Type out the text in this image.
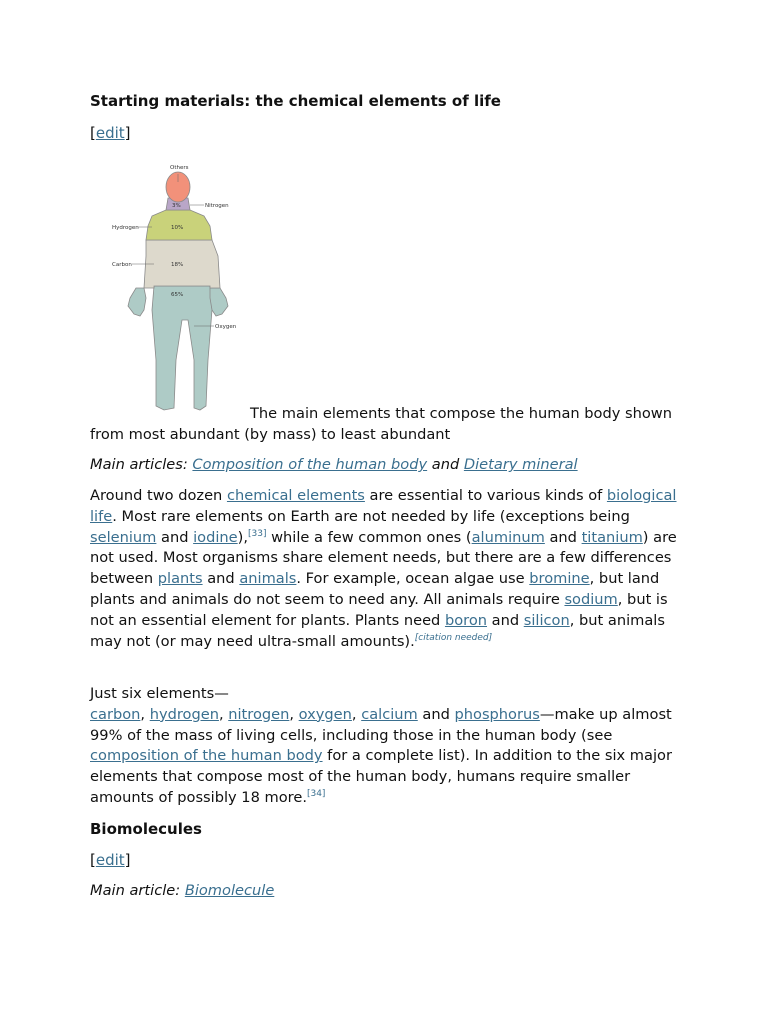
Starting materials: the chemical elements of life
[edit]
Others
Nitrogen
3%
Hydrogen	10%
Carbon	18%
65%
Oxygen
The main elements that compose the human body shown from most abundant (by mass) to least abundant

Main articles: Composition of the human body and Dietary mineral

Around two dozen chemical elements are essential to various kinds of biological life. Most rare elements on Earth are not needed by life (exceptions being selenium and iodine),[33] while a few common ones (aluminum and titanium) are not used. Most organisms share element needs, but there are a few differences between plants and animals. For example, ocean algae use bromine, but land plants and animals do not seem to need any. All animals require sodium, but is not an essential element for plants. Plants need boron and silicon, but animals may not (or may need ultra-small amounts).[citation needed]

Just six elements—
carbon, hydrogen, nitrogen, oxygen, calcium and phosphorus—make up almost 99% of the mass of living cells, including those in the human body (see composition of the human body for a complete list). In addition to the six major elements that compose most of the human body, humans require smaller amounts of possibly 18 more.[34]

Biomolecules
[edit]

Main article: Biomolecule
